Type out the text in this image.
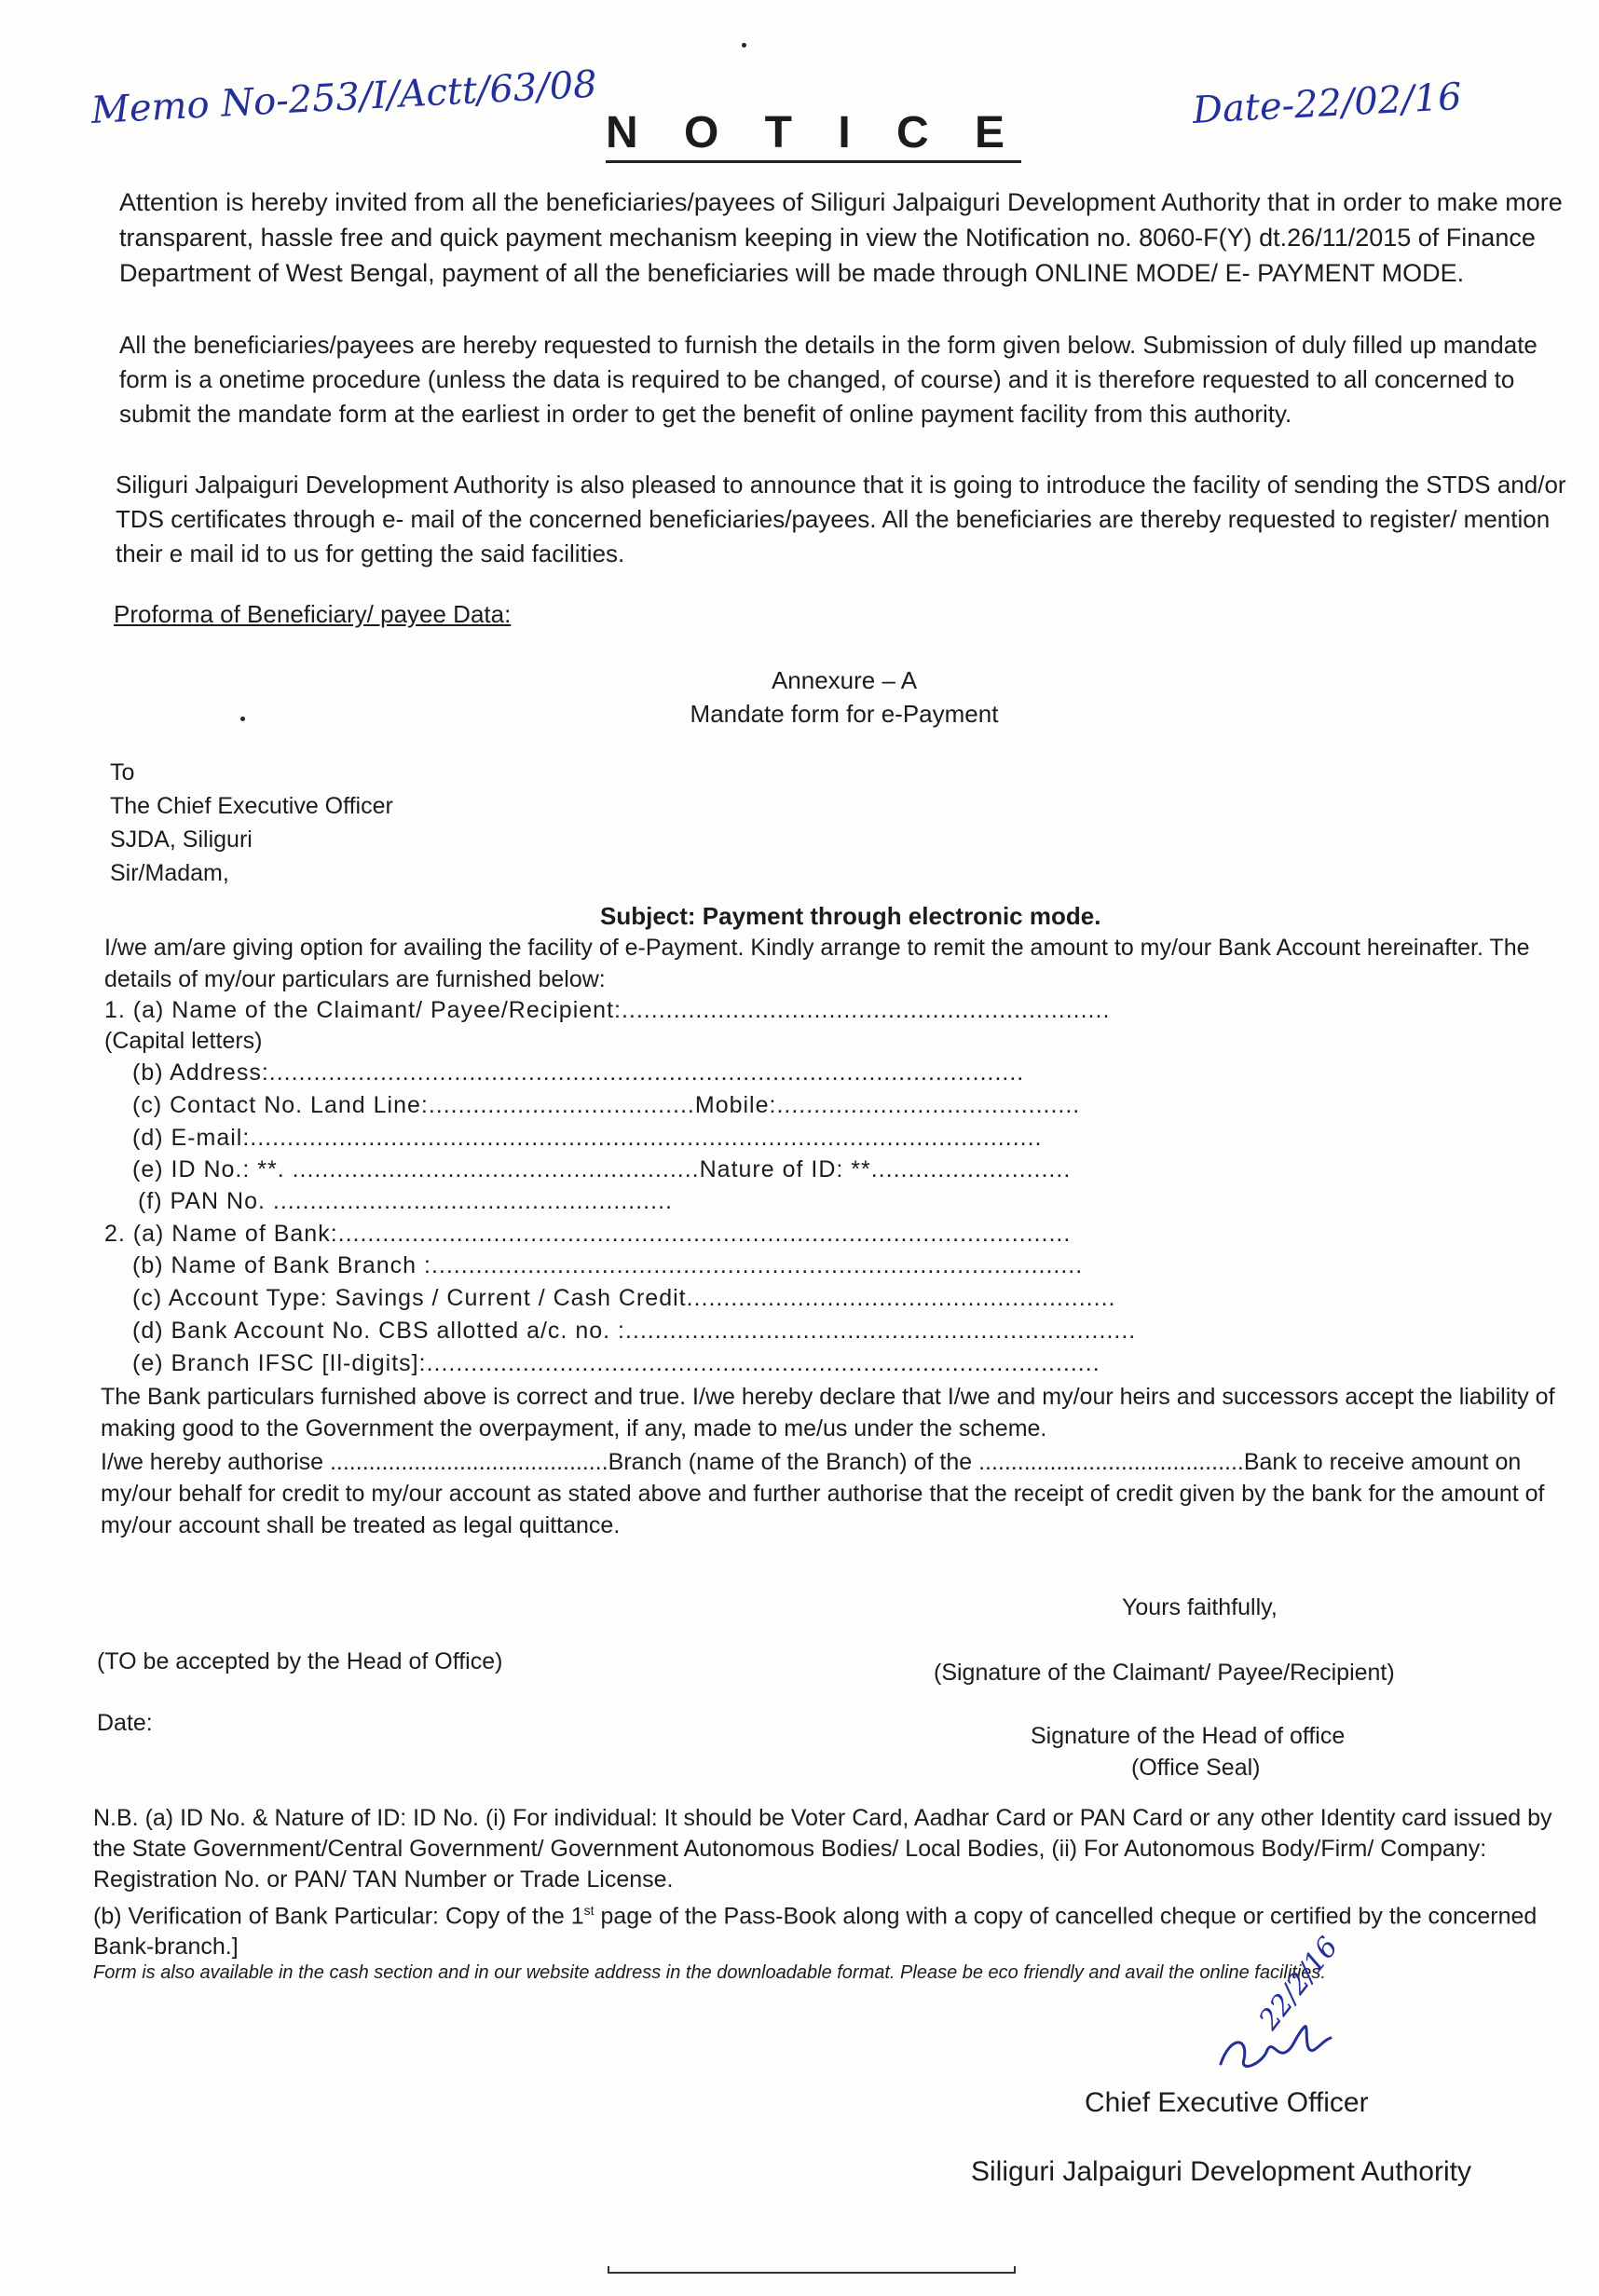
Memo No-253/I/Actt/63/08
N O T I C E
Date-22/02/16
Attention is hereby invited from all the beneficiaries/payees of Siliguri Jalpaiguri Development Authority that in order to make more transparent, hassle free and quick payment mechanism keeping in view the Notification no. 8060-F(Y) dt.26/11/2015 of Finance Department of West Bengal, payment of all the beneficiaries will be made through ONLINE MODE/ E- PAYMENT MODE.
All the beneficiaries/payees are hereby requested to furnish the details in the form given below. Submission of duly filled up mandate form is a onetime procedure (unless the data is required to be changed, of course) and it is therefore requested to all concerned to submit the mandate form at the earliest in order to get the benefit of online payment facility from this authority.
Siliguri Jalpaiguri Development Authority is also pleased to announce that it is going to introduce the facility of sending the STDS and/or TDS certificates through e- mail of the concerned beneficiaries/payees. All the beneficiaries are thereby requested to register/ mention their e mail id to us for getting the said facilities.
Proforma of Beneficiary/ payee Data:
Annexure – A
Mandate form for e-Payment
To
The Chief Executive Officer
SJDA, Siliguri
Sir/Madam,
Subject: Payment through electronic mode.
I/we am/are giving option for availing the facility of e-Payment. Kindly arrange to remit the amount to my/our Bank Account hereinafter. The details of my/our particulars are furnished below:
1. (a) Name of the Claimant/ Payee/Recipient:..................................................................
(Capital letters)
(b) Address:......................................................................................................
(c) Contact No. Land Line:....................................Mobile:.........................................
(d) E-mail:...........................................................................................................
(e) ID No.: **. .......................................................Nature of ID: **...........................
(f) PAN No. ......................................................
2. (a) Name of Bank:...................................................................................................
(b) Name of Bank Branch :........................................................................................
(c) Account Type: Savings / Current / Cash Credit..........................................................
(d) Bank Account No. CBS allotted a/c. no. :.....................................................................
(e) Branch IFSC [Il-digits]:...........................................................................................
The Bank particulars furnished above is correct and true. I/we hereby declare that I/we and my/our heirs and successors accept the liability of making good to the Government the overpayment, if any, made to me/us under the scheme.
I/we hereby authorise ...........................................Branch (name of the Branch) of the .........................................Bank to receive amount on my/our behalf for credit to my/our account as stated above and further authorise that the receipt of credit given by the bank for the amount of my/our account shall be treated as legal quittance.
Yours faithfully,
(TO be accepted by the Head of Office)	(Signature of the Claimant/ Payee/Recipient)
Date:	Signature of the Head of office
(Office Seal)
N.B. (a) ID No. & Nature of ID: ID No. (i) For individual: It should be Voter Card, Aadhar Card or PAN Card or any other Identity card issued by the State Government/Central Government/ Government Autonomous Bodies/ Local Bodies, (ii) For Autonomous Body/Firm/ Company: Registration No. or PAN/ TAN Number or Trade License.
(b) Verification of Bank Particular: Copy of the 1st page of the Pass-Book along with a copy of cancelled cheque or certified by the concerned Bank-branch.]
Form is also available in the cash section and in our website address in the downloadable format. Please be eco friendly and avail the online facilities.
22/2/16
Chief Executive Officer
Siliguri Jalpaiguri Development Authority
